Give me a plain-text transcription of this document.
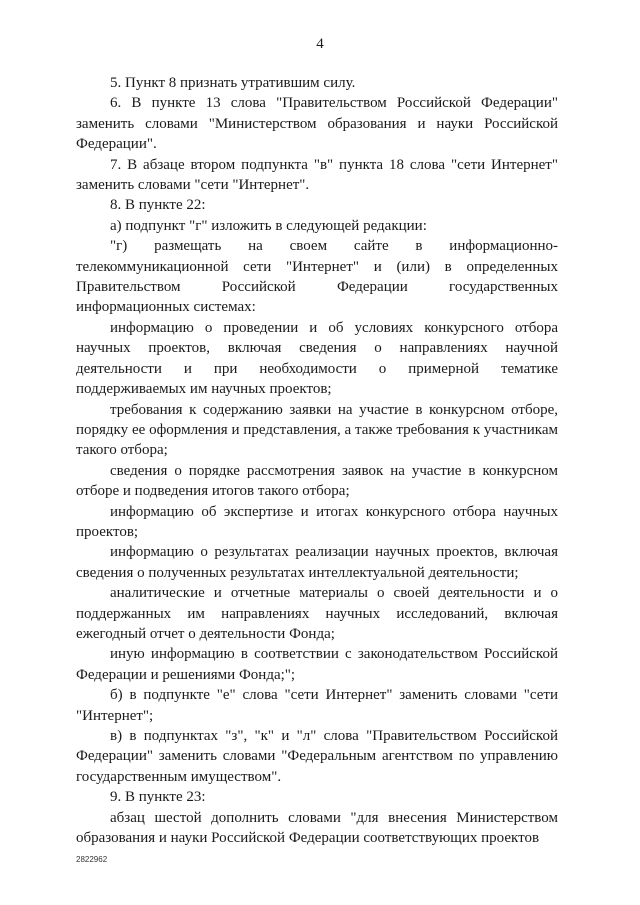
4

5. Пункт 8 признать утратившим силу.

6. В пункте 13 слова "Правительством Российской Федерации" заменить словами "Министерством образования и науки Российской Федерации".

7. В абзаце втором подпункта "в" пункта 18 слова "сети Интернет" заменить словами "сети "Интернет".

8. В пункте 22:

а) подпункт "г" изложить в следующей редакции:

"г) размещать на своем сайте в информационно-телекоммуникационной сети "Интернет" и (или) в определенных Правительством Российской Федерации государственных информационных системах:

информацию о проведении и об условиях конкурсного отбора научных проектов, включая сведения о направлениях научной деятельности и при необходимости о примерной тематике поддерживаемых им научных проектов;

требования к содержанию заявки на участие в конкурсном отборе, порядку ее оформления и представления, а также требования к участникам такого отбора;

сведения о порядке рассмотрения заявок на участие в конкурсном отборе и подведения итогов такого отбора;

информацию об экспертизе и итогах конкурсного отбора научных проектов;

информацию о результатах реализации научных проектов, включая сведения о полученных результатах интеллектуальной деятельности;

аналитические и отчетные материалы о своей деятельности и о поддержанных им направлениях научных исследований, включая ежегодный отчет о деятельности Фонда;

иную информацию в соответствии с законодательством Российской Федерации и решениями Фонда;";

б) в подпункте "е" слова "сети Интернет" заменить словами "сети "Интернет";

в) в подпунктах "з", "к" и "л" слова "Правительством Российской Федерации" заменить словами "Федеральным агентством по управлению государственным имуществом".

9. В пункте 23:

абзац шестой дополнить словами "для внесения Министерством образования и науки Российской Федерации соответствующих проектов

2822962
